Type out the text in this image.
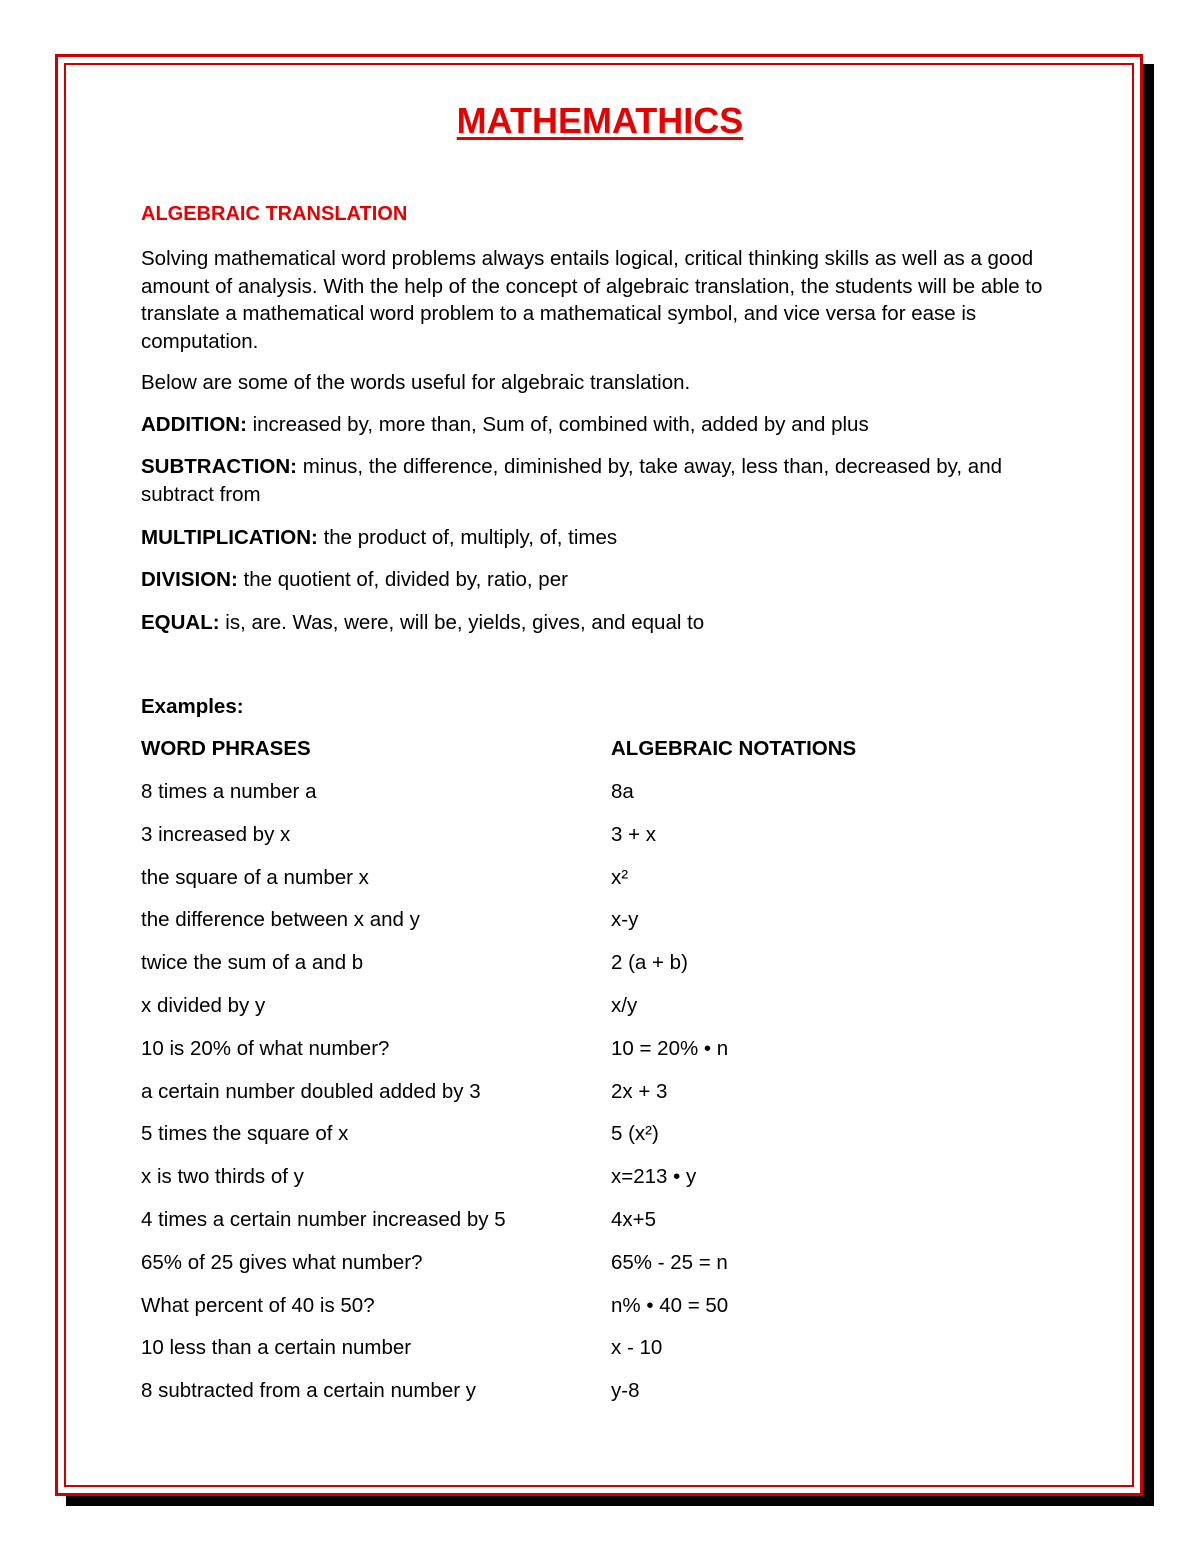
MATHEMATHICS
ALGEBRAIC TRANSLATION

Solving mathematical word problems always entails logical, critical thinking skills as well as a good amount of analysis. With the help of the concept of algebraic translation, the students will be able to translate a mathematical word problem to a mathematical symbol, and vice versa for ease is computation.

Below are some of the words useful for algebraic translation.

ADDITION: increased by, more than, Sum of, combined with, added by and plus

SUBTRACTION: minus, the difference, diminished by, take away, less than, decreased by, and subtract from

MULTIPLICATION: the product of, multiply, of, times

DIVISION: the quotient of, divided by, ratio, per

EQUAL: is, are. Was, were, will be, yields, gives, and equal to

Examples:

WORD PHRASES	ALGEBRAIC NOTATIONS

8 times a number a	8a
3 increased by x	3 + x
the square of a number x	x²
the difference between x and y	x-y
twice the sum of a and b	2 (a + b)
x divided by y	x/y
10 is 20% of what number?	10 = 20% • n
a certain number doubled added by 3	2x + 3
5 times the square of x	5 (x²)
x is two thirds of y	x=213 • y
4 times a certain number increased by 5	4x+5
65% of 25 gives what number?	65% - 25 = n
What percent of 40 is 50?	n% • 40 = 50
10 less than a certain number	x - 10
8 subtracted from a certain number y	y-8
